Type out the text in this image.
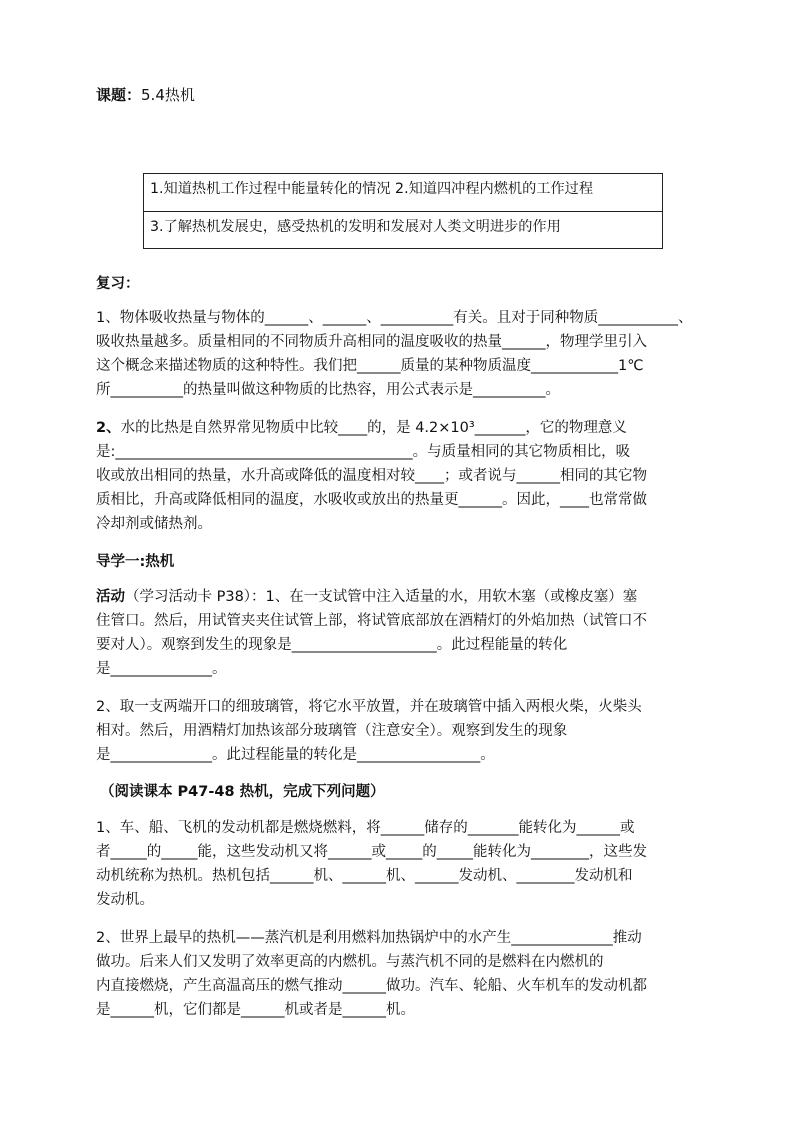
课题：5.4热机
1.知道热机工作过程中能量转化的情况 2.知道四冲程内燃机的工作过程
3.了解热机发展史，感受热机的发明和发展对人类文明进步的作用
复习：
1、物体吸收热量与物体的______、______、__________有关。且对于同种物质___________、
吸收热量越多。质量相同的不同物质升高相同的温度吸收的热量______，物理学里引入
这个概念来描述物质的这种特性。我们把______质量的某种物质温度____________1℃
所__________的热量叫做这种物质的比热容，用公式表示是__________。
2、水的比热是自然界常见物质中比较____的，是 4.2×10³_______，它的物理意义
是:_________________________________________。与质量相同的其它物质相比，吸
收或放出相同的热量，水升高或降低的温度相对较____；或者说与______相同的其它物
质相比，升高或降低相同的温度，水吸收或放出的热量更______。因此，____也常常做
冷却剂或储热剂。
导学一:热机
活动（学习活动卡 P38）：1、在一支试管中注入适量的水，用软木塞（或橡皮塞）塞
住管口。然后，用试管夹夹住试管上部，将试管底部放在酒精灯的外焰加热（试管口不
要对人）。观察到发生的现象是____________________。此过程能量的转化
是______________。
2、取一支两端开口的细玻璃管，将它水平放置，并在玻璃管中插入两根火柴，火柴头
相对。然后，用酒精灯加热该部分玻璃管（注意安全）。观察到发生的现象
是______________。此过程能量的转化是_________________。
（阅读课本 P47-48 热机，完成下列问题）
1、车、船、飞机的发动机都是燃烧燃料，将______储存的_______能转化为______或
者_____的_____能，这些发动机又将______或_____的_____能转化为________，这些发
动机统称为热机。热机包括______机、______机、______发动机、________发动机和
发动机。
2、世界上最早的热机——蒸汽机是利用燃料加热锅炉中的水产生______________推动
做功。后来人们又发明了效率更高的内燃机。与蒸汽机不同的是燃料在内燃机的
内直接燃烧，产生高温高压的燃气推动______做功。汽车、轮船、火车机车的发动机都
是______机，它们都是______机或者是______机。
